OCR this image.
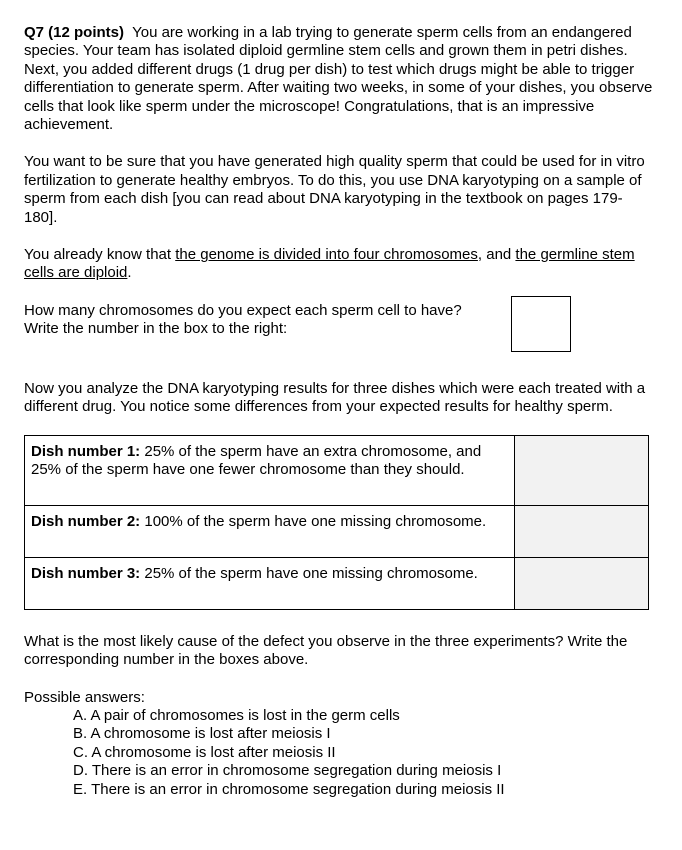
Q7 (12 points) You are working in a lab trying to generate sperm cells from an endangered species. Your team has isolated diploid germline stem cells and grown them in petri dishes. Next, you added different drugs (1 drug per dish) to test which drugs might be able to trigger differentiation to generate sperm. After waiting two weeks, in some of your dishes, you observe cells that look like sperm under the microscope! Congratulations, that is an impressive achievement.

You want to be sure that you have generated high quality sperm that could be used for in vitro fertilization to generate healthy embryos. To do this, you use DNA karyotyping on a sample of sperm from each dish [you can read about DNA karyotyping in the textbook on pages 179-180].

You already know that the genome is divided into four chromosomes, and the germline stem cells are diploid.

How many chromosomes do you expect each sperm cell to have?
Write the number in the box to the right:

Now you analyze the DNA karyotyping results for three dishes which were each treated with a different drug. You notice some differences from your expected results for healthy sperm.

Dish number 1: 25% of the sperm have an extra chromosome, and 25% of the sperm have one fewer chromosome than they should.	
Dish number 2: 100% of the sperm have one missing chromosome.	
Dish number 3: 25% of the sperm have one missing chromosome.	

What is the most likely cause of the defect you observe in the three experiments? Write the corresponding number in the boxes above.

Possible answers:

A. A pair of chromosomes is lost in the germ cells
B. A chromosome is lost after meiosis I
C. A chromosome is lost after meiosis II
D. There is an error in chromosome segregation during meiosis I
E. There is an error in chromosome segregation during meiosis II
